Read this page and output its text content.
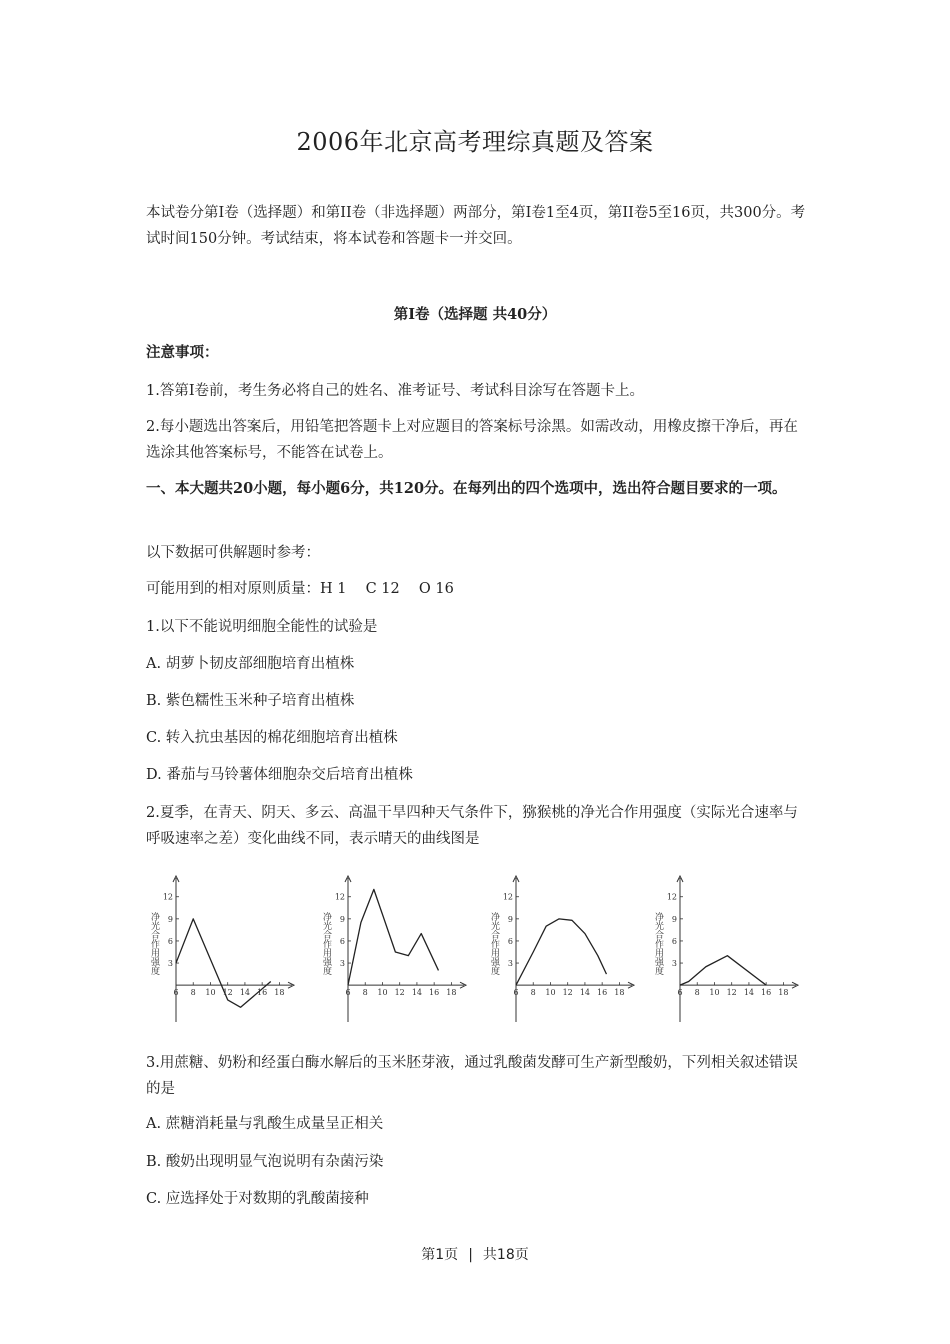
2006年北京高考理综真题及答案

本试卷分第Ⅰ卷（选择题）和第II卷（非选择题）两部分，第Ⅰ卷1至4页，第II卷5至16页，共300分。考试时间150分钟。考试结束，将本试卷和答题卡一并交回。

第Ⅰ卷（选择题 共40分）

注意事项：

1.答第Ⅰ卷前，考生务必将自己的姓名、准考证号、考试科目涂写在答题卡上。

2.每小题选出答案后，用铅笔把答题卡上对应题目的答案标号涂黑。如需改动，用橡皮擦干净后，再在选涂其他答案标号，不能答在试卷上。

一、本大题共20小题，每小题6分，共120分。在每列出的四个选项中，选出符合题目要求的一项。

以下数据可供解题时参考：

可能用到的相对原则质量：H 1　 C 12　 O 16

1.以下不能说明细胞全能性的试验是

A. 胡萝卜韧皮部细胞培育出植株

B. 紫色糯性玉米种子培育出植株

C. 转入抗虫基因的棉花细胞培育出植株

D. 番茄与马铃薯体细胞杂交后培育出植株

2.夏季，在青天、阴天、多云、高温干旱四种天气条件下，猕猴桃的净光合作用强度（实际光合速率与呼吸速率之差）变化曲线不同，表示晴天的曲线图是

3
6
9
12
6 8 10 12 14 16 18
净光合作用强度	3
6
9
12
6 8 10 12 14 16 18
净光合作用强度	3
6
9
12
6 8 10 12 14 16 18
净光合作用强度	3
6
9
12
6 8 10 12 14 16 18
净光合作用强度

3.用蔗糖、奶粉和经蛋白酶水解后的玉米胚芽液，通过乳酸菌发酵可生产新型酸奶，下列相关叙述错误的是

A. 蔗糖消耗量与乳酸生成量呈正相关

B. 酸奶出现明显气泡说明有杂菌污染

C. 应选择处于对数期的乳酸菌接种

第1页 | 共18页
